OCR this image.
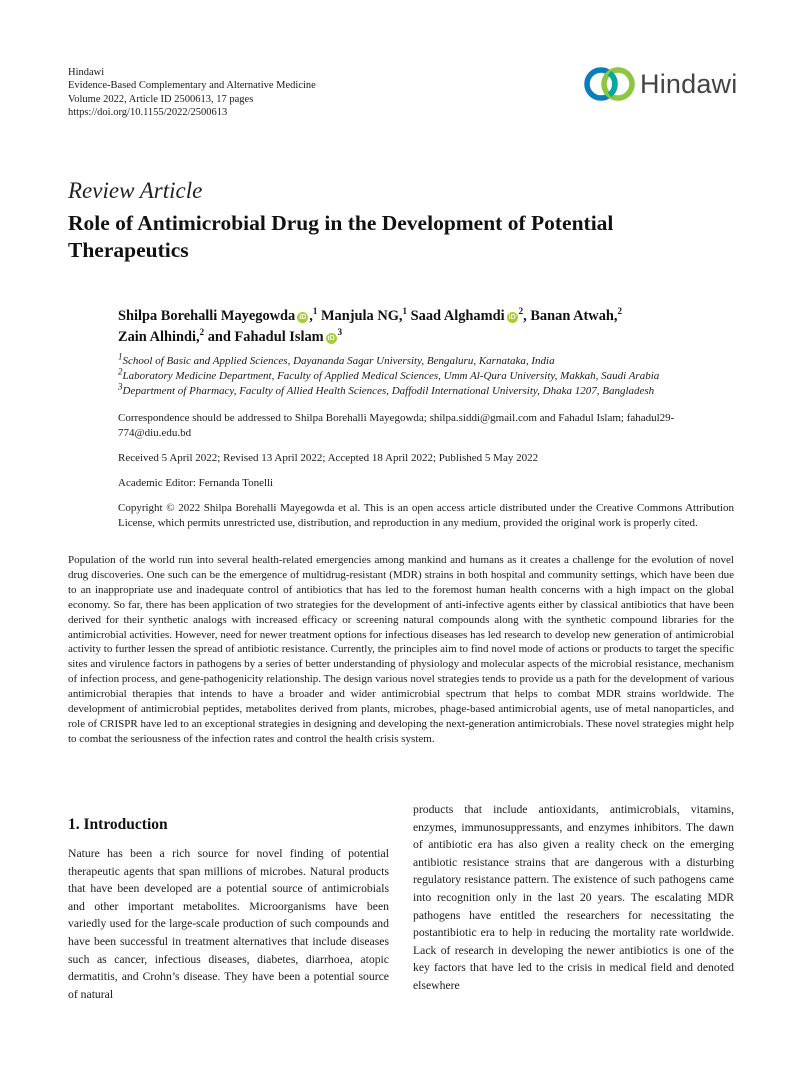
Hindawi
Evidence-Based Complementary and Alternative Medicine
Volume 2022, Article ID 2500613, 17 pages
https://doi.org/10.1155/2022/2500613
Hindawi
Review Article
Role of Antimicrobial Drug in the Development of Potential Therapeutics
Shilpa Borehalli Mayegowda iD ,$^1$ Manjula NG,$^1$ Saad Alghamdi $iD^2$, Banan Atwah,$^2$
Zain Alhindi,$^2$ and Fahadul Islam $iD^3$
$^1$School of Basic and Applied Sciences, Dayananda Sagar University, Bengaluru, Karnataka, India
$^2$Laboratory Medicine Department, Faculty of Applied Medical Sciences, Umm Al-Qura University, Makkah, Saudi Arabia
$^3$Department of Pharmacy, Faculty of Allied Health Sciences, Daffodil International University, Dhaka 1207, Bangladesh
Correspondence should be addressed to Shilpa Borehalli Mayegowda; shilpa.siddi@gmail.com and Fahadul Islam; fahadul29-774@diu.edu.bd
Received 5 April 2022; Revised 13 April 2022; Accepted 18 April 2022; Published 5 May 2022
Academic Editor: Fernanda Tonelli
Copyright © 2022 Shilpa Borehalli Mayegowda et al. This is an open access article distributed under the Creative Commons Attribution License, which permits unrestricted use, distribution, and reproduction in any medium, provided the original work is properly cited.
Population of the world run into several health-related emergencies among mankind and humans as it creates a challenge for the evolution of novel drug discoveries. One such can be the emergence of multidrug-resistant (MDR) strains in both hospital and community settings, which have been due to an inappropriate use and inadequate control of antibiotics that has led to the foremost human health concerns with a high impact on the global economy. So far, there has been application of two strategies for the development of anti-infective agents either by classical antibiotics that have been derived for their synthetic analogs with increased efficacy or screening natural compounds along with the synthetic compound libraries for the antimicrobial activities. However, need for newer treatment options for infectious diseases has led research to develop new generation of antimicrobial activity to further lessen the spread of antibiotic resistance. Currently, the principles aim to find novel mode of actions or products to target the specific sites and virulence factors in pathogens by a series of better understanding of physiology and molecular aspects of the microbial resistance, mechanism of infection process, and gene-pathogenicity relationship. The design various novel strategies tends to provide us a path for the development of various antimicrobial therapies that intends to have a broader and wider antimicrobial spectrum that helps to combat MDR strains worldwide. The development of antimicrobial peptides, metabolites derived from plants, microbes, phage-based antimicrobial agents, use of metal nanoparticles, and role of CRISPR have led to an exceptional strategies in designing and developing the next-generation antimicrobials. These novel strategies might help to combat the seriousness of the infection rates and control the health crisis system.
1. Introduction
Nature has been a rich source for novel finding of potential therapeutic agents that span millions of microbes. Natural products that have been developed are a potential source of antimicrobials and other important metabolites. Microorganisms have been variedly used for the large-scale production of such compounds and have been successful in treatment alternatives that include diseases such as cancer, infectious diseases, diabetes, diarrhoea, atopic dermatitis, and Crohn’s disease. They have been a potential source of natural
products that include antioxidants, antimicrobials, vitamins, enzymes, immunosuppressants, and enzymes inhibitors. The dawn of antibiotic era has also given a reality check on the emerging antibiotic resistance strains that are dangerous with a disturbing regulatory resistance pattern. The existence of such pathogens came into recognition only in the last 20 years. The escalating MDR pathogens have entitled the researchers for necessitating the postantibiotic era to help in reducing the mortality rate worldwide. Lack of research in developing the newer antibiotics is one of the key factors that have led to the crisis in medical field and denoted elsewhere
